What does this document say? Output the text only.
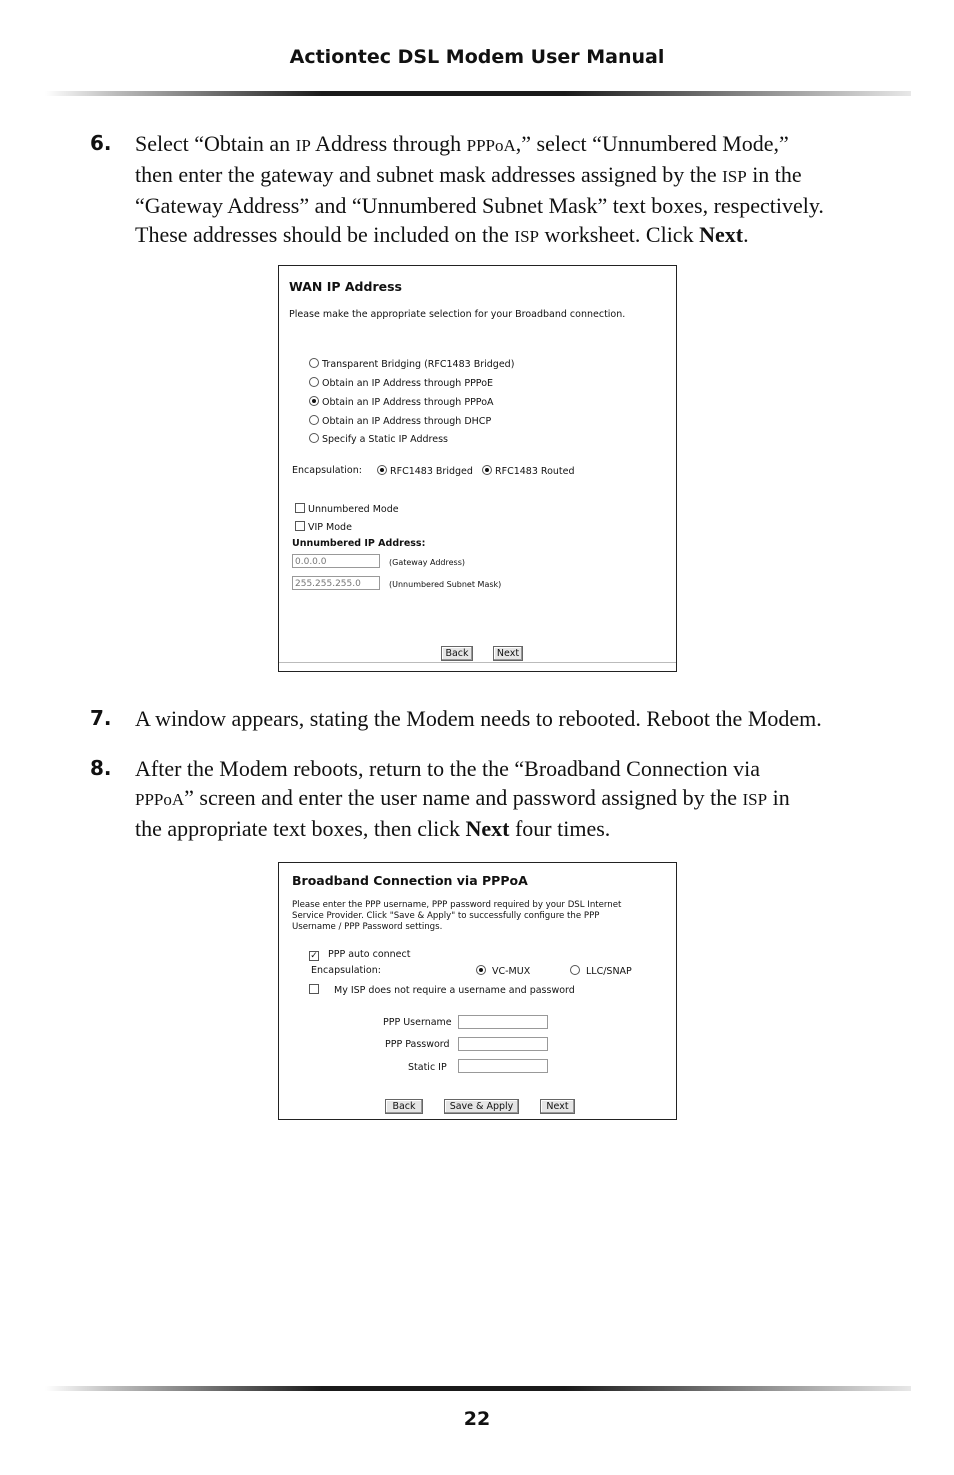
Actiontec DSL Modem User Manual
6. Select “Obtain an IP Address through PPPoA,” select “Unnumbered Mode,”
then enter the gateway and subnet mask addresses assigned by the ISP in the
“Gateway Address” and “Unnumbered Subnet Mask” text boxes, respectively.
These addresses should be included on the ISP worksheet. Click Next.
WAN IP Address
Please make the appropriate selection for your Broadband connection.
Transparent Bridging (RFC1483 Bridged)
Obtain an IP Address through PPPoE
Obtain an IP Address through PPPoA
Obtain an IP Address through DHCP
Specify a Static IP Address
Encapsulation:	RFC1483 Bridged	RFC1483 Routed
Unnumbered Mode
VIP Mode
Unnumbered IP Address:
0.0.0.0	(Gateway Address)
255.255.255.0	(Unnumbered Subnet Mask)
Back	Next
7. A window appears, stating the Modem needs to rebooted. Reboot the Modem.
8. After the Modem reboots, return to the the “Broadband Connection via
PPPoA” screen and enter the user name and password assigned by the ISP in
the appropriate text boxes, then click Next four times.
Broadband Connection via PPPoA
Please enter the PPP username, PPP password required by your DSL Internet
Service Provider. Click "Save & Apply" to successfully configure the PPP
Username / PPP Password settings.
✓ PPP auto connect
Encapsulation:	VC-MUX	LLC/SNAP
My ISP does not require a username and password
PPP Username
PPP Password
Static IP
Back	Save & Apply	Next
22
